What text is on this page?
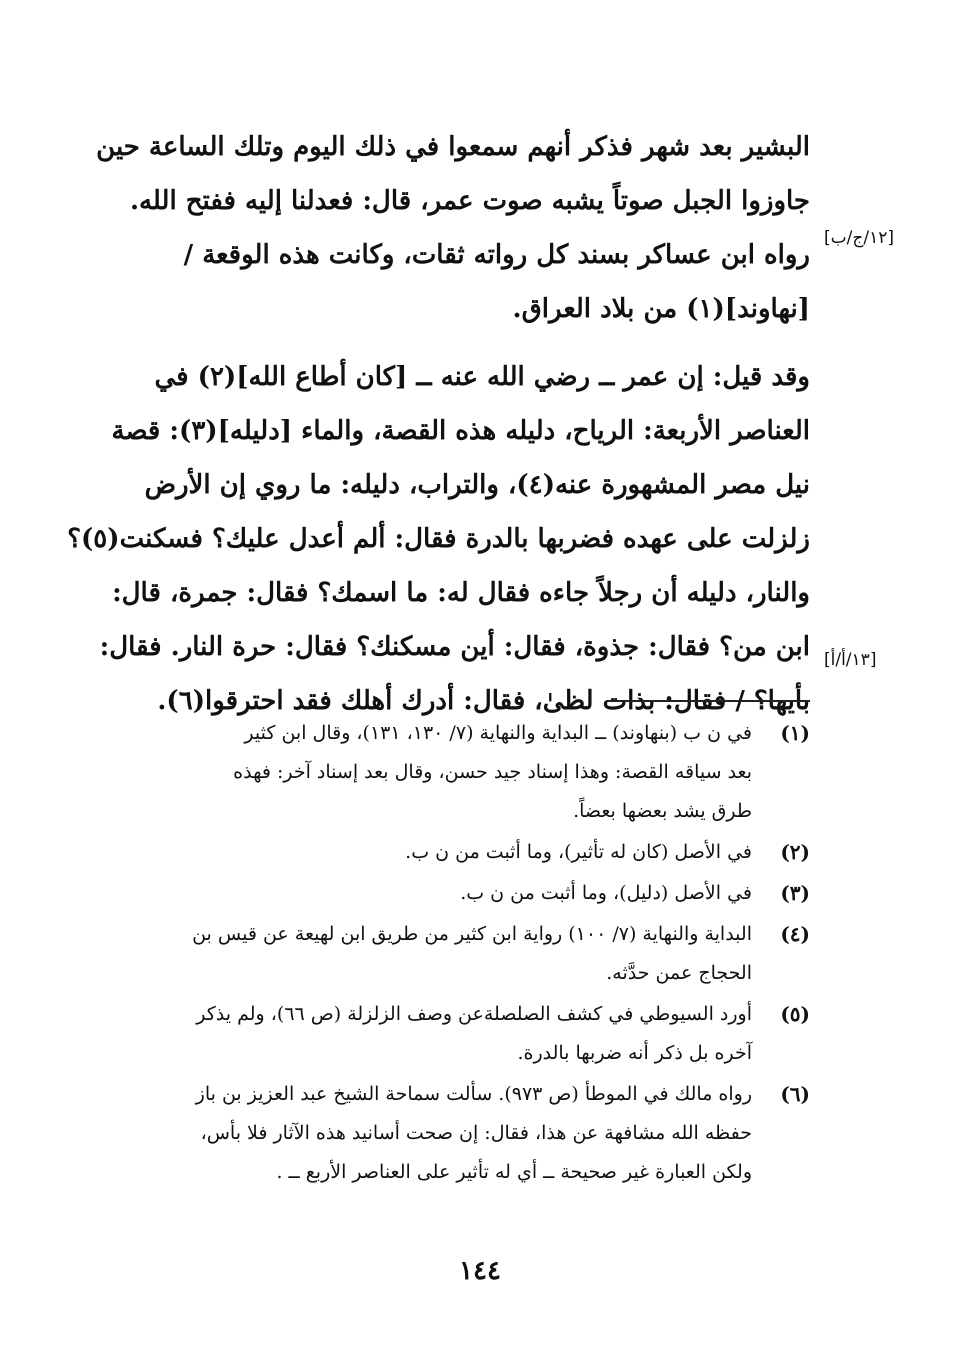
البشير بعد شهر فذكر أنهم سمعوا في ذلك اليوم وتلك الساعة حين
جاوزوا الجبل صوتاً يشبه صوت عمر، قال: فعدلنا إليه ففتح الله.
رواه ابن عساكر بسند كل رواته ثقات، وكانت هذه الوقعة /
[نهاوند](١) من بلاد العراق.
وقد قيل: إن عمر ــ رضي الله عنه ــ [كان أطاع الله](٢) في
العناصر الأربعة: الرياح، دليله هذه القصة، والماء [دليله](٣): قصة
نيل مصر المشهورة عنه(٤)، والتراب، دليله: ما روي إن الأرض
زلزلت على عهده فضربها بالدرة فقال: ألم أعدل عليك؟ فسكنت(٥)؟
والنار، دليله أن رجلاً جاءه فقال له: ما اسمك؟ فقال: جمرة، قال:
ابن من؟ فقال: جذوة، فقال: أين مسكنك؟ فقال: حرة النار. فقال:
بأيها؟ / فقال: بذات لظىٰ، فقال: أدرك أهلك فقد احترقوا(٦).
[١٢/ج/ب]
[١٣/أ/أ]
(١)
في ن ب (بنهاوند) ــ البداية والنهاية (٧/ ١٣٠، ١٣١)، وقال ابن كثير
بعد سياقه القصة: وهذا إسناد جيد حسن، وقال بعد إسناد آخر: فهذه
طرق يشد بعضها بعضاً.
(٢)
في الأصل (كان له تأثير)، وما أثبت من ن ب.
(٣)
في الأصل (دليل)، وما أثبت من ن ب.
(٤)
البداية والنهاية (٧/ ١٠٠) رواية ابن كثير من طريق ابن لهيعة عن قيس بن
الحجاج عمن حدَّثه.
(٥)
أورد السيوطي في كشف الصلصلةعن وصف الزلزلة (ص ٦٦)، ولم يذكر
آخره بل ذكر أنه ضربها بالدرة.
(٦)
رواه مالك في الموطأ (ص ٩٧٣). سألت سماحة الشيخ عبد العزيز بن باز
حفظه الله مشافهة عن هذا، فقال: إن صحت أسانيد هذه الآثار فلا بأس،
ولكن العبارة غير صحيحة ــ أي له تأثير على العناصر الأربع ــ .
١٤٤
